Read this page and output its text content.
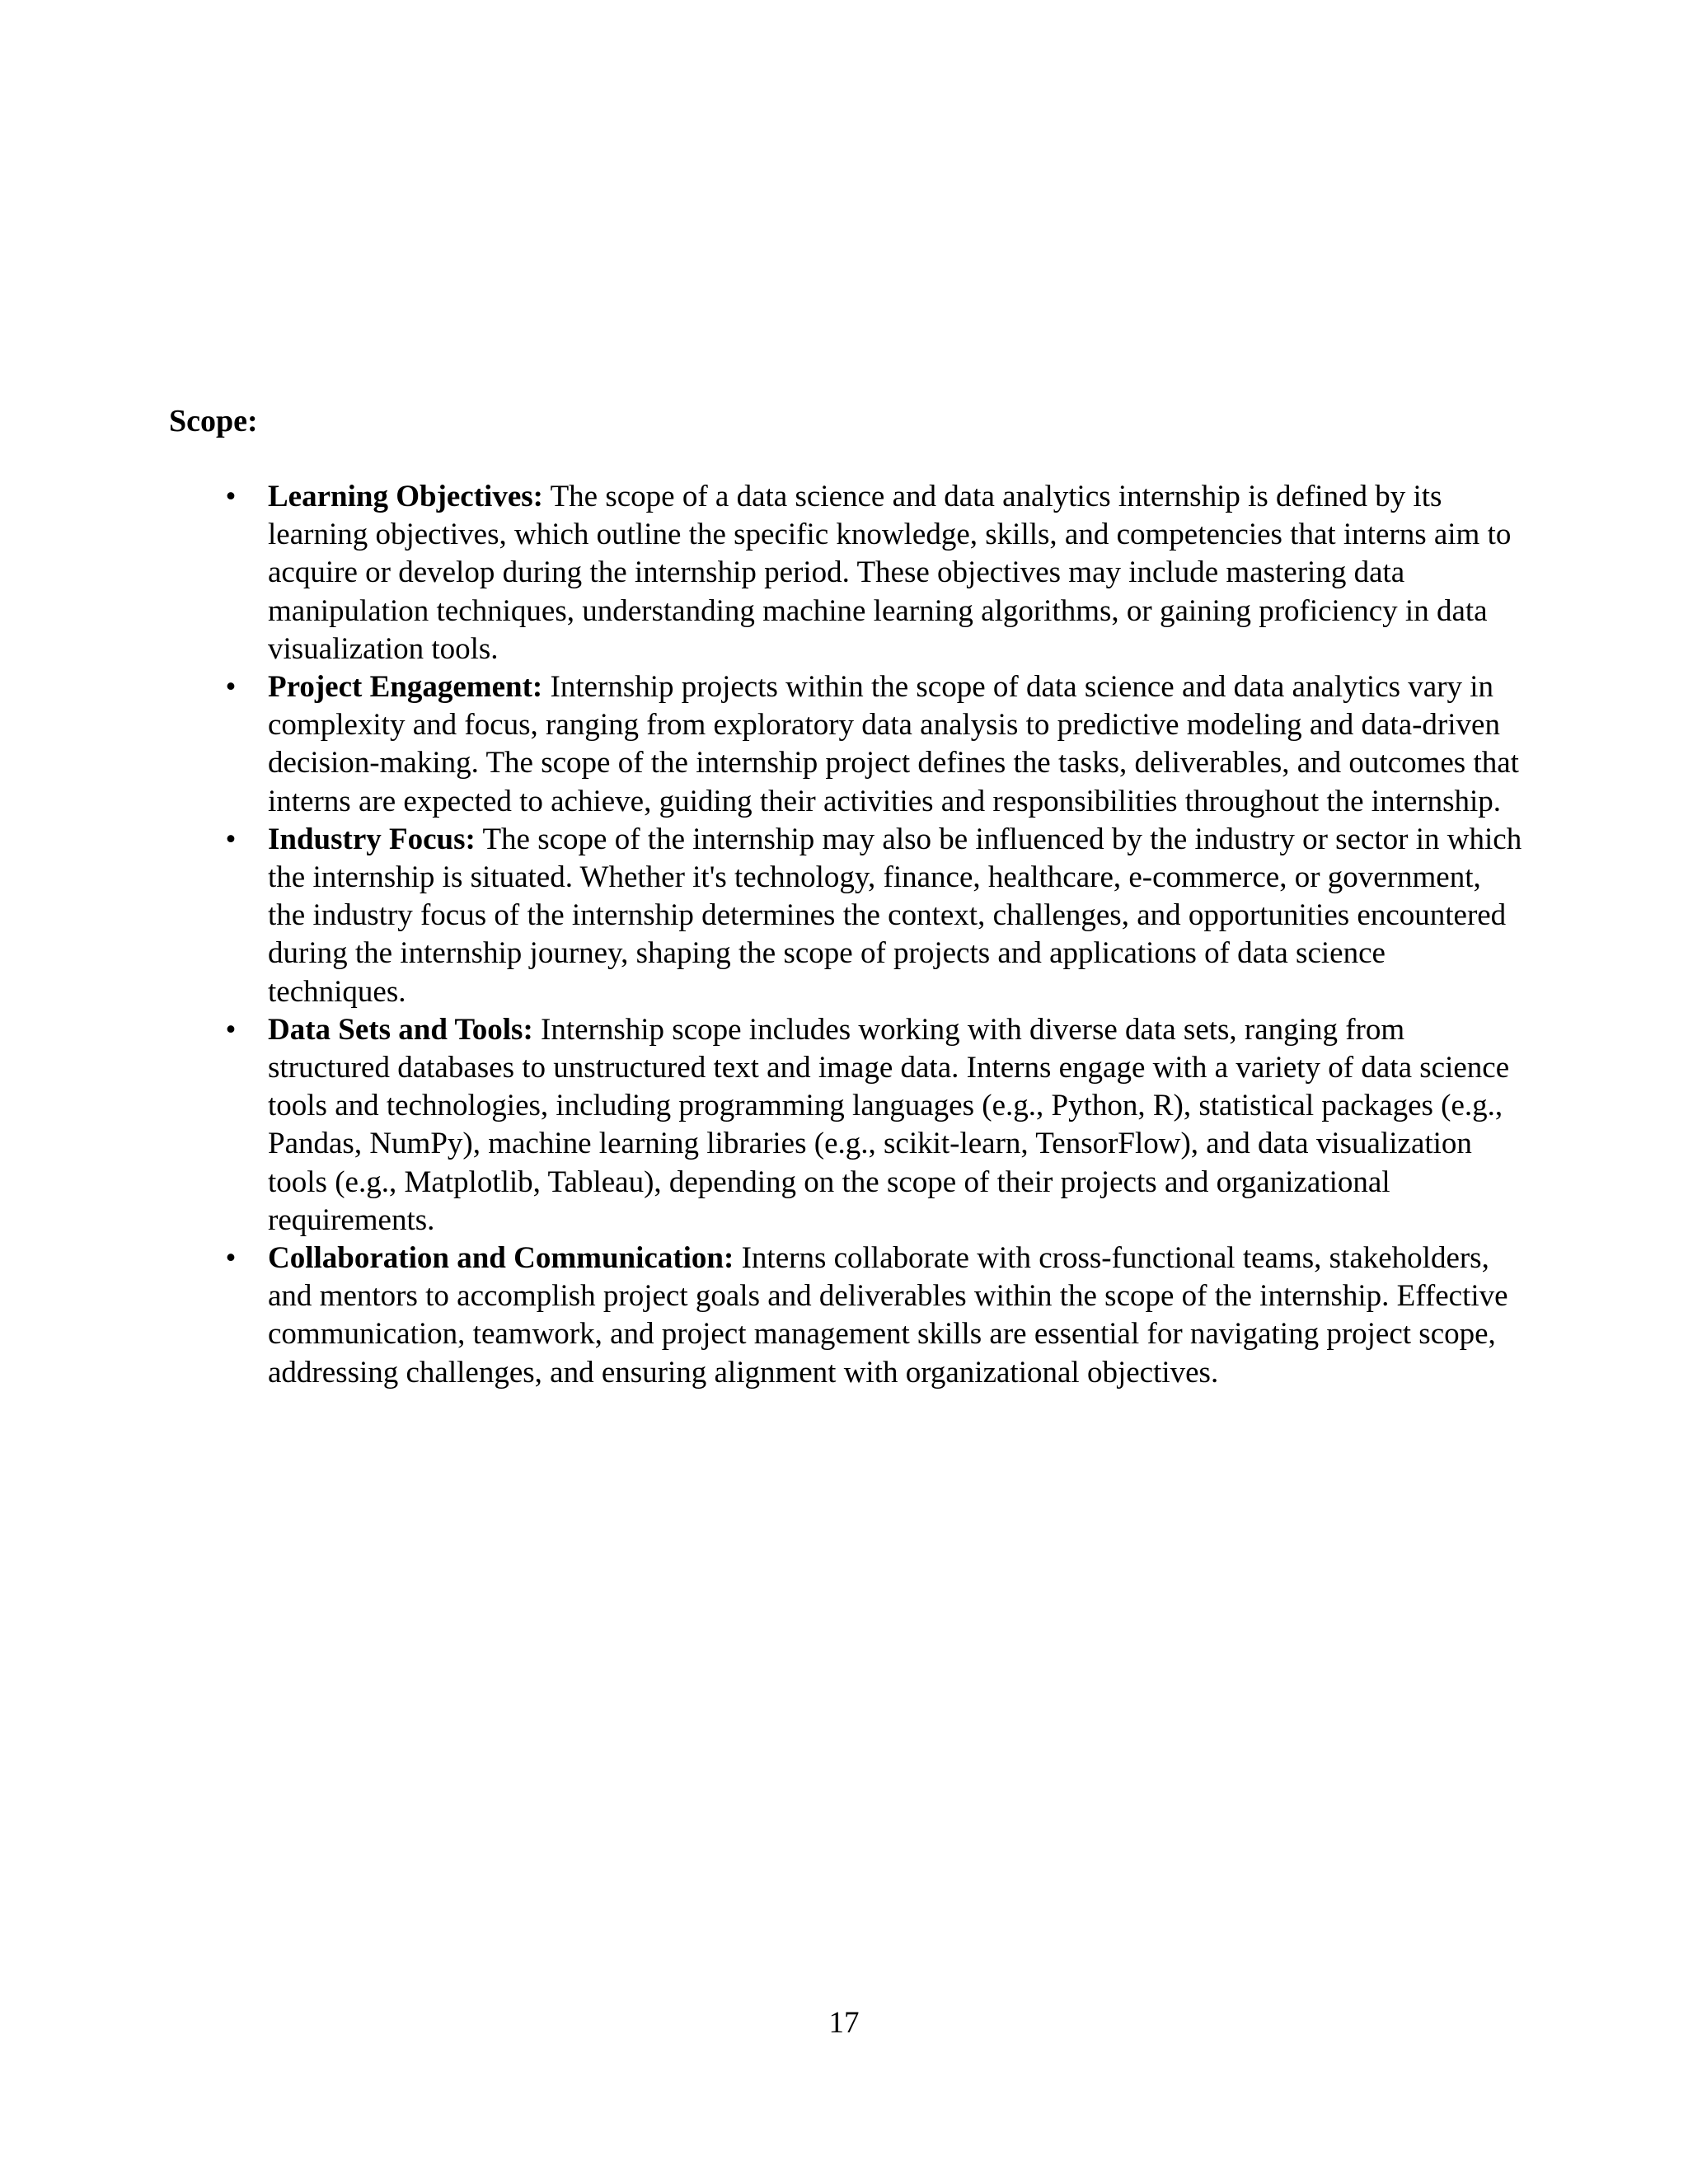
Scope:
• Learning Objectives: The scope of a data science and data analytics internship is defined by its learning objectives, which outline the specific knowledge, skills, and competencies that interns aim to acquire or develop during the internship period. These objectives may include mastering data manipulation techniques, understanding machine learning algorithms, or gaining proficiency in data visualization tools.
• Project Engagement: Internship projects within the scope of data science and data analytics vary in complexity and focus, ranging from exploratory data analysis to predictive modeling and data-driven decision-making. The scope of the internship project defines the tasks, deliverables, and outcomes that interns are expected to achieve, guiding their activities and responsibilities throughout the internship.
• Industry Focus: The scope of the internship may also be influenced by the industry or sector in which the internship is situated. Whether it's technology, finance, healthcare, e-commerce, or government, the industry focus of the internship determines the context, challenges, and opportunities encountered during the internship journey, shaping the scope of projects and applications of data science techniques.
• Data Sets and Tools: Internship scope includes working with diverse data sets, ranging from structured databases to unstructured text and image data. Interns engage with a variety of data science tools and technologies, including programming languages (e.g., Python, R), statistical packages (e.g., Pandas, NumPy), machine learning libraries (e.g., scikit-learn, TensorFlow), and data visualization tools (e.g., Matplotlib, Tableau), depending on the scope of their projects and organizational requirements.
• Collaboration and Communication: Interns collaborate with cross-functional teams, stakeholders, and mentors to accomplish project goals and deliverables within the scope of the internship. Effective communication, teamwork, and project management skills are essential for navigating project scope, addressing challenges, and ensuring alignment with organizational objectives.
17
